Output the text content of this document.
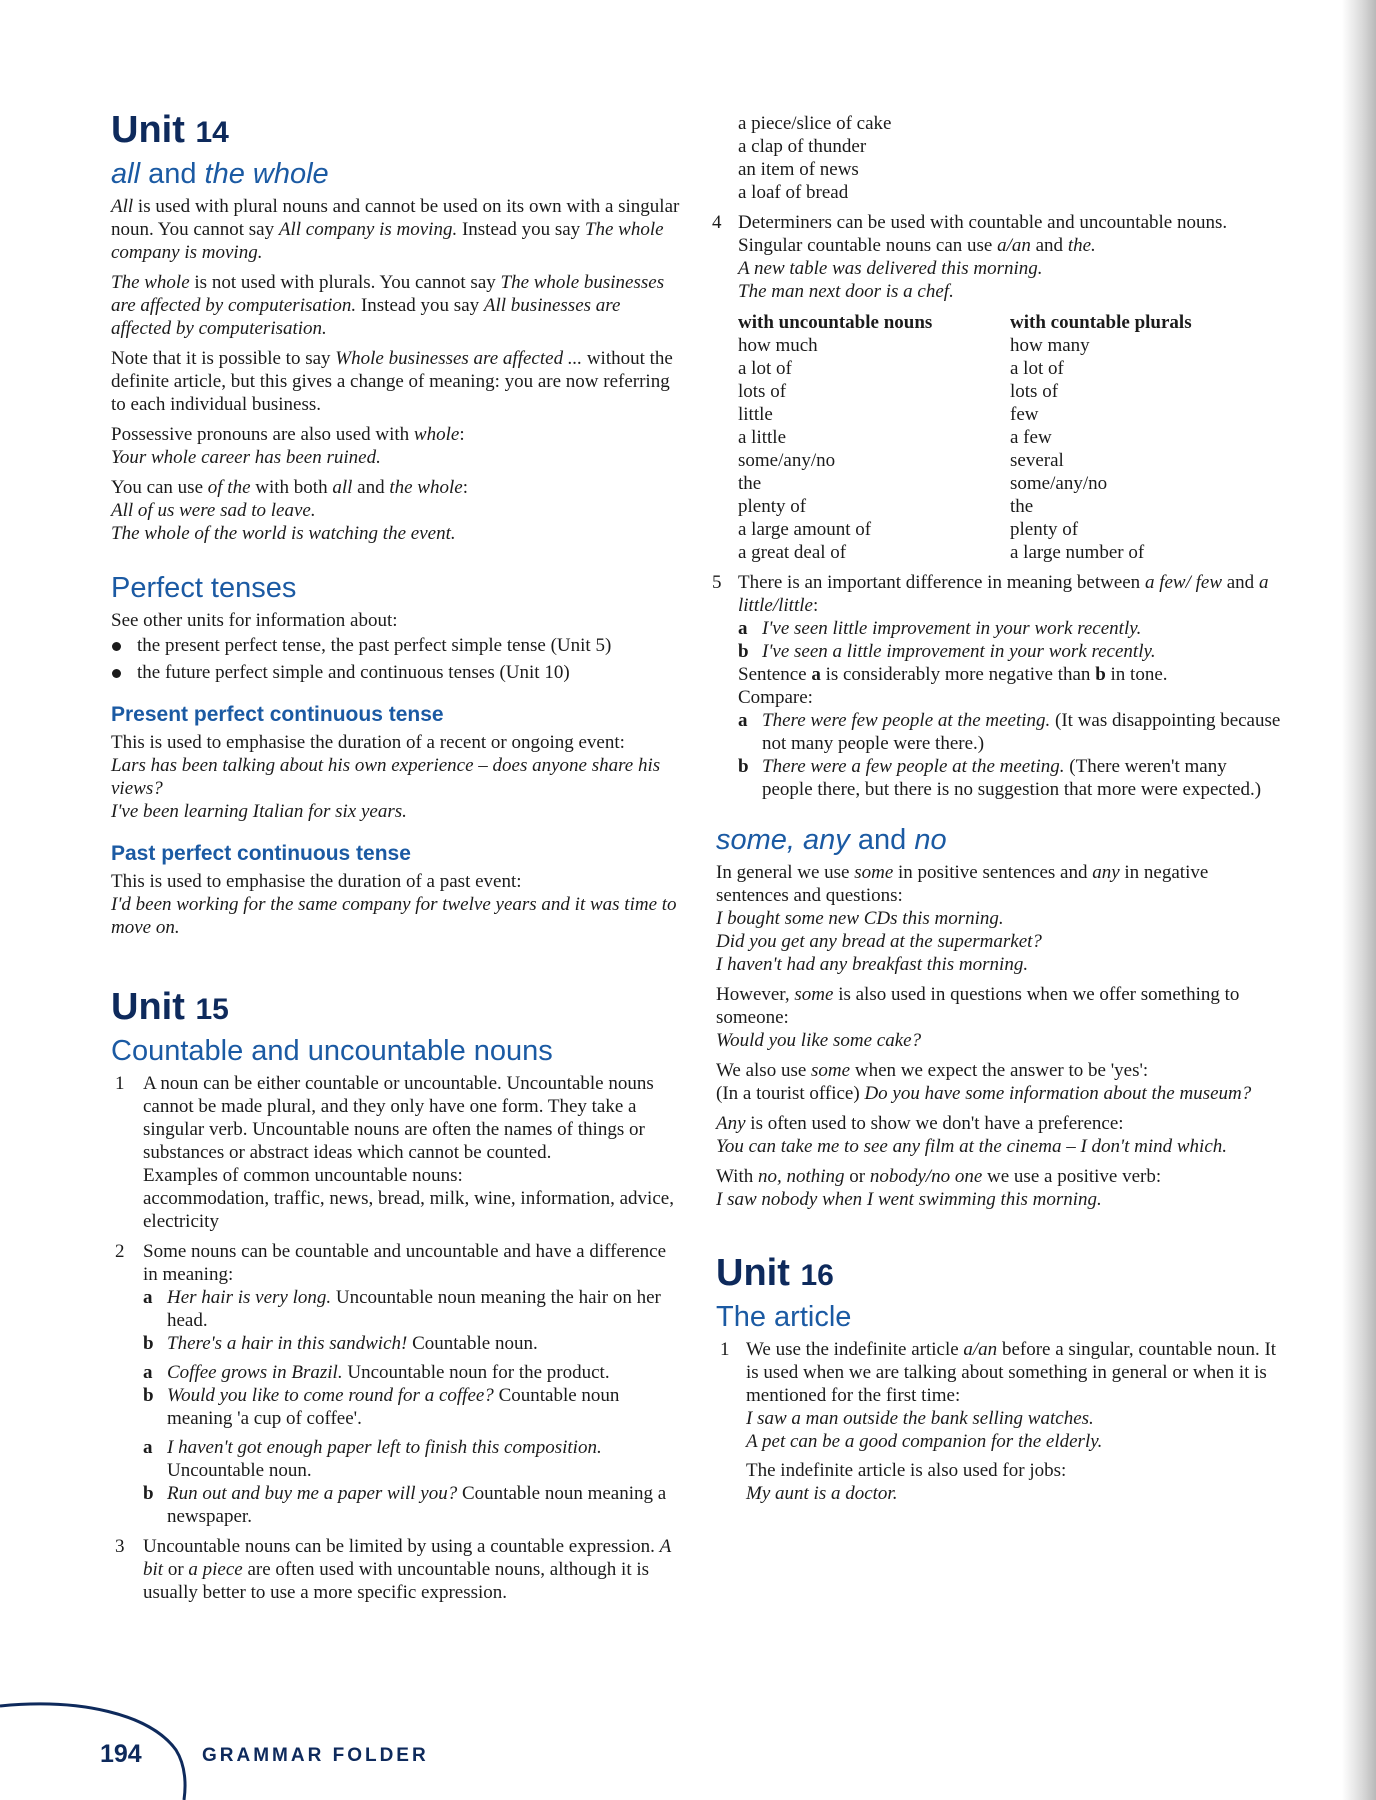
Unit 14
all and the whole

All is used with plural nouns and cannot be used on its own with a singular noun. You cannot say All company is moving. Instead you say The whole company is moving.

The whole is not used with plurals. You cannot say The whole businesses are affected by computerisation. Instead you say All businesses are affected by computerisation.

Note that it is possible to say Whole businesses are affected ... without the definite article, but this gives a change of meaning: you are now referring to each individual business.

Possessive pronouns are also used with whole:
Your whole career has been ruined.

You can use of the with both all and the whole:
All of us were sad to leave.
The whole of the world is watching the event.

Perfect tenses

See other units for information about:

the present perfect tense, the past perfect simple tense (Unit 5)
the future perfect simple and continuous tenses (Unit 10)
Present perfect continuous tense

This is used to emphasise the duration of a recent or ongoing event:

Lars has been talking about his own experience – does anyone share his views?

I've been learning Italian for six years.

Past perfect continuous tense

This is used to emphasise the duration of a past event:

I'd been working for the same company for twelve years and it was time to move on.

Unit 15
Countable and uncountable nouns
1 A noun can be either countable or uncountable. Uncountable nouns cannot be made plural, and they only have one form. They take a singular verb. Uncountable nouns are often the names of things or substances or abstract ideas which cannot be counted.

Examples of common uncountable nouns:

accommodation, traffic, news, bread, milk, wine, information, advice, electricity

2 Some nouns can be countable and uncountable and have a difference in meaning:

a Her hair is very long. Uncountable noun meaning the hair on her head.

b There's a hair in this sandwich! Countable noun.

a Coffee grows in Brazil. Uncountable noun for the product.

b Would you like to come round for a coffee? Countable noun meaning 'a cup of coffee'.

a I haven't got enough paper left to finish this composition. Uncountable noun.

b Run out and buy me a paper will you? Countable noun meaning a newspaper.

3 Uncountable nouns can be limited by using a countable expression. A bit or a piece are often used with uncountable nouns, although it is usually better to use a more specific expression.

a piece/slice of cake

a clap of thunder

an item of news

a loaf of bread

4 Determiners can be used with countable and uncountable nouns.

Singular countable nouns can use a/an and the.

A new table was delivered this morning.

The man next door is a chef.

with uncountable nouns	with countable plurals
how much	how many
a lot of	a lot of
lots of	lots of
little	few
a little	a few
some/any/no	several
the	some/any/no
plenty of	the
a large amount of	plenty of
a great deal of	a large number of
5 There is an important difference in meaning between a few/ few and a little/little:

a I've seen little improvement in your work recently.

b I've seen a little improvement in your work recently.

Sentence a is considerably more negative than b in tone.

Compare:

a There were few people at the meeting. (It was disappointing because not many people were there.)

b There were a few people at the meeting. (There weren't many people there, but there is no suggestion that more were expected.)

some, any and no

In general we use some in positive sentences and any in negative sentences and questions:
I bought some new CDs this morning.
Did you get any bread at the supermarket?
I haven't had any breakfast this morning.

However, some is also used in questions when we offer something to someone:
Would you like some cake?

We also use some when we expect the answer to be 'yes':
(In a tourist office) Do you have some information about the museum?

Any is often used to show we don't have a preference:
You can take me to see any film at the cinema – I don't mind which.

With no, nothing or nobody/no one we use a positive verb:
I saw nobody when I went swimming this morning.

Unit 16
The article
1 We use the indefinite article a/an before a singular, countable noun. It is used when we are talking about something in general or when it is mentioned for the first time:

I saw a man outside the bank selling watches.

A pet can be a good companion for the elderly.

The indefinite article is also used for jobs:

My aunt is a doctor.

194	GRAMMAR FOLDER
